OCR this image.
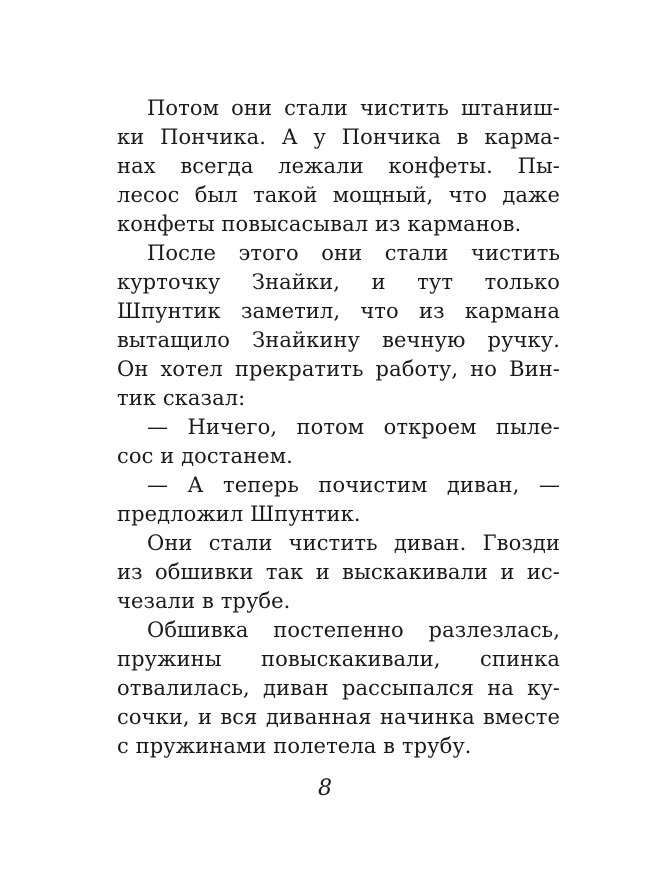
Потом они стали чистить штаниш-
ки Пончика. А у Пончика в карма-
нах всегда лежали конфеты. Пы-
лесос был такой мощный, что даже
конфеты повысасывал из карманов.
После этого они стали чистить
курточку Знайки, и тут только
Шпунтик заметил, что из кармана
вытащило Знайкину вечную ручку.
Он хотел прекратить работу, но Вин-
тик сказал:
— Ничего, потом откроем пыле-
сос и достанем.
— А теперь почистим диван, —
предложил Шпунтик.
Они стали чистить диван. Гвозди
из обшивки так и выскакивали и ис-
чезали в трубе.
Обшивка постепенно разлезлась,
пружины повыскакивали, спинка
отвалилась, диван рассыпался на ку-
сочки, и вся диванная начинка вместе
с пружинами полетела в трубу.
8
